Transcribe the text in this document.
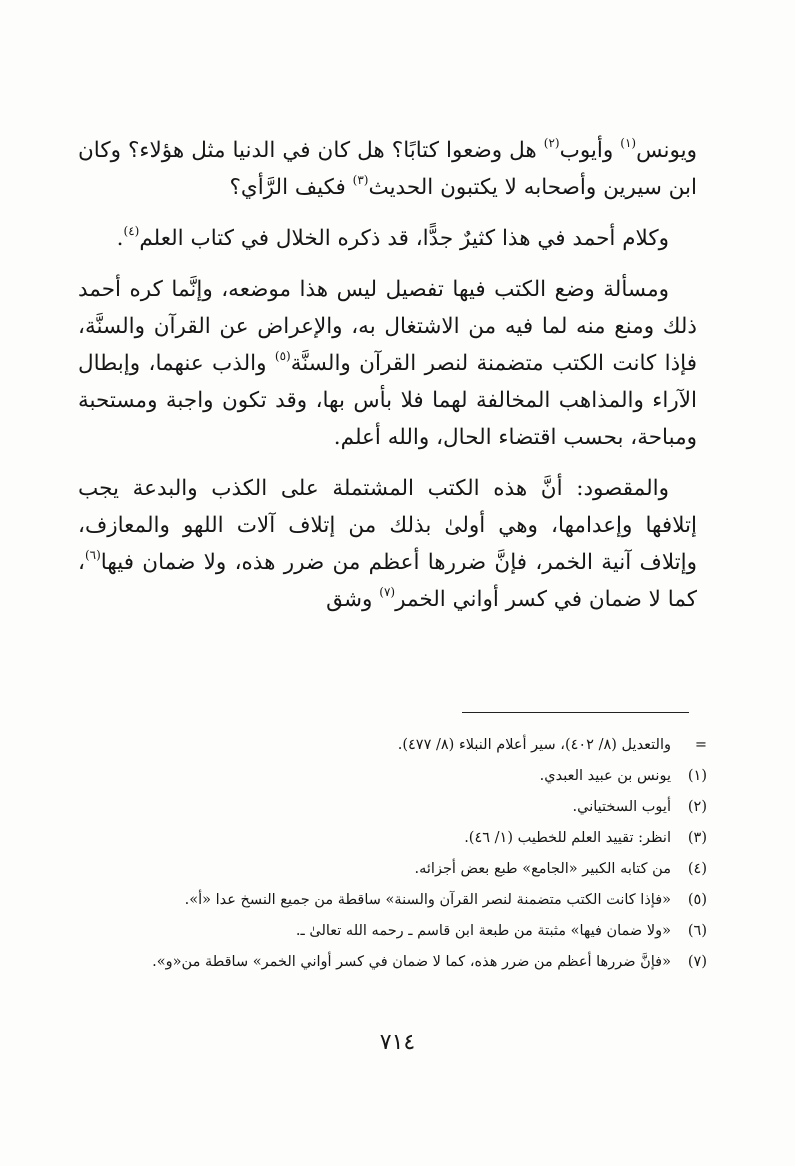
ويونس$^{(١)}$ وأيوب$^{(٢)}$ هل وضعوا كتابًا؟ هل كان في الدنيا مثل هؤلاء؟ وكان ابن سيرين وأصحابه لا يكتبون الحديث$^{(٣)}$ فكيف الرَّأي؟

وكلام أحمد في هذا كثيرٌ جدًّا، قد ذكره الخلال في كتاب العلم$^{(٤)}$.

ومسألة وضع الكتب فيها تفصيل ليس هذا موضعه، وإنَّما كره أحمد ذلك ومنع منه لما فيه من الاشتغال به، والإعراض عن القرآن والسنَّة، فإذا كانت الكتب متضمنة لنصر القرآن والسنَّة$^{(٥)}$ والذب عنهما، وإبطال الآراء والمذاهب المخالفة لهما فلا بأس بها، وقد تكون واجبة ومستحبة ومباحة، بحسب اقتضاء الحال، والله أعلم.

والمقصود: أنَّ هذه الكتب المشتملة على الكذب والبدعة يجب إتلافها وإعدامها، وهي أولىٰ بذلك من إتلاف آلات اللهو والمعازف، وإتلاف آنية الخمر، فإنَّ ضررها أعظم من ضرر هذه، ولا ضمان فيها$^{(٦)}$، كما لا ضمان في كسر أواني الخمر$^{(٧)}$ وشق

=
والتعديل (٨/ ٤٠٢)، سير أعلام النبلاء (٨/ ٤٧٧).
(١)
يونس بن عبيد العبدي.
(٢)
أيوب السختياني.
(٣)
انظر: تقييد العلم للخطيب (١/ ٤٦).
(٤)
من كتابه الكبير «الجامع» طبع بعض أجزائه.
(٥)
«فإذا كانت الكتب متضمنة لنصر القرآن والسنة» ساقطة من جميع النسخ عدا «أ».
(٦)
«ولا ضمان فيها» مثبتة من طبعة ابن قاسم ـ رحمه الله تعالىٰ ـ.
(٧)
«فإنَّ ضررها أعظم من ضرر هذه، كما لا ضمان في كسر أواني الخمر» ساقطة من«و».
٧١٤
